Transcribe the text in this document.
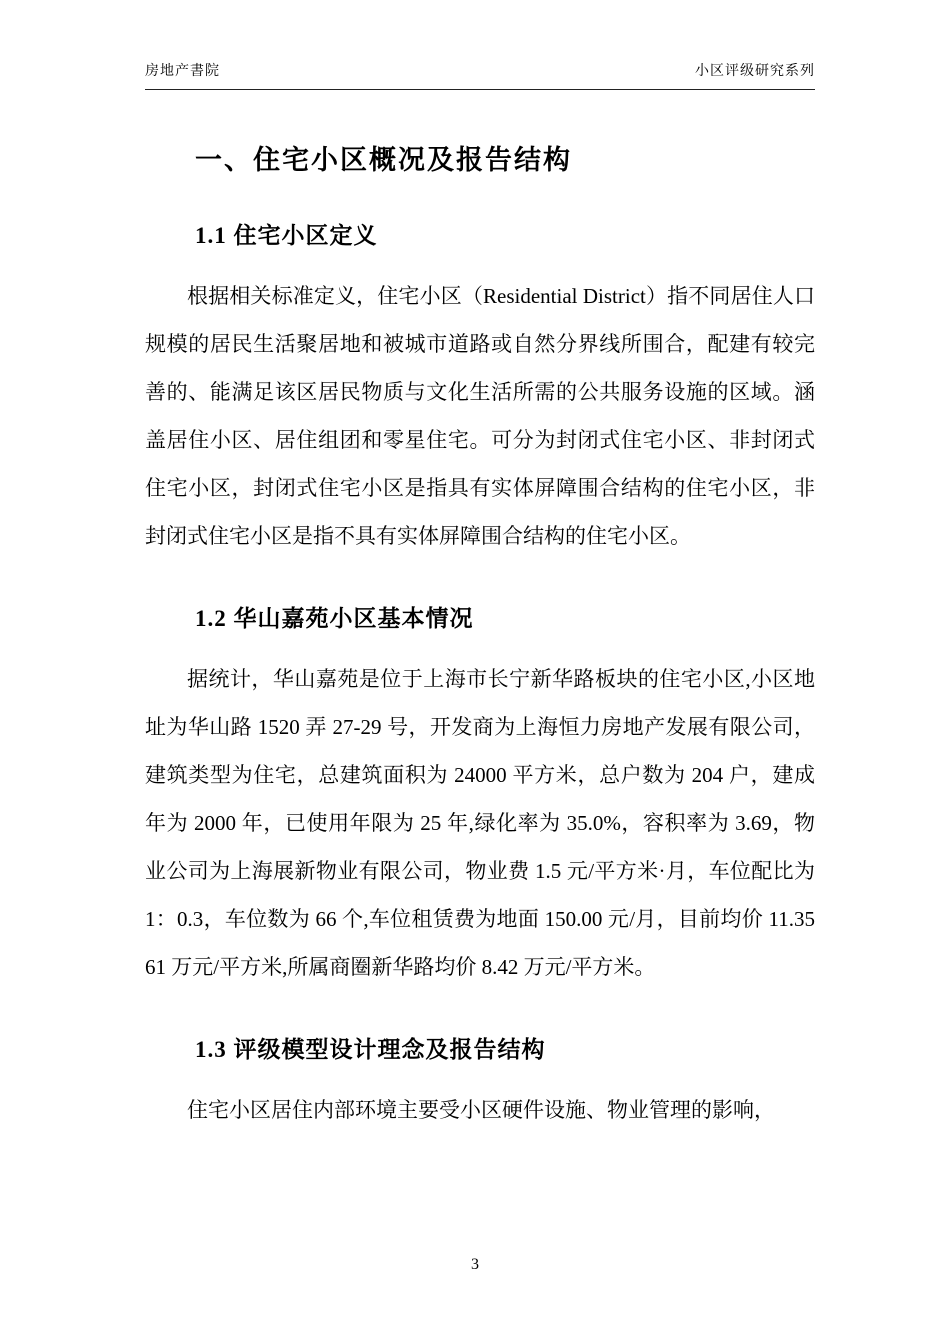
房地产書院	小区评级研究系列
一、住宅小区概况及报告结构
1.1 住宅小区定义

根据相关标准定义，住宅小区（Residential District）指不同居住人口规模的居民生活聚居地和被城市道路或自然分界线所围合，配建有较完善的、能满足该区居民物质与文化生活所需的公共服务设施的区域。涵盖居住小区、居住组团和零星住宅。可分为封闭式住宅小区、非封闭式住宅小区，封闭式住宅小区是指具有实体屏障围合结构的住宅小区，非封闭式住宅小区是指不具有实体屏障围合结构的住宅小区。

1.2 华山嘉苑小区基本情况

据统计，华山嘉苑是位于上海市长宁新华路板块的住宅小区,小区地址为华山路 1520 弄 27-29 号，开发商为上海恒力房地产发展有限公司，建筑类型为住宅，总建筑面积为 24000 平方米，总户数为 204 户，建成年为 2000 年，已使用年限为 25 年,绿化率为 35.0%，容积率为 3.69，物业公司为上海展新物业有限公司，物业费 1.5 元/平方米·月，车位配比为 1：0.3，车位数为 66 个,车位租赁费为地面 150.00 元/月，目前均价 11.3561 万元/平方米,所属商圈新华路均价 8.42 万元/平方米。

1.3 评级模型设计理念及报告结构

住宅小区居住内部环境主要受小区硬件设施、物业管理的影响，

3
